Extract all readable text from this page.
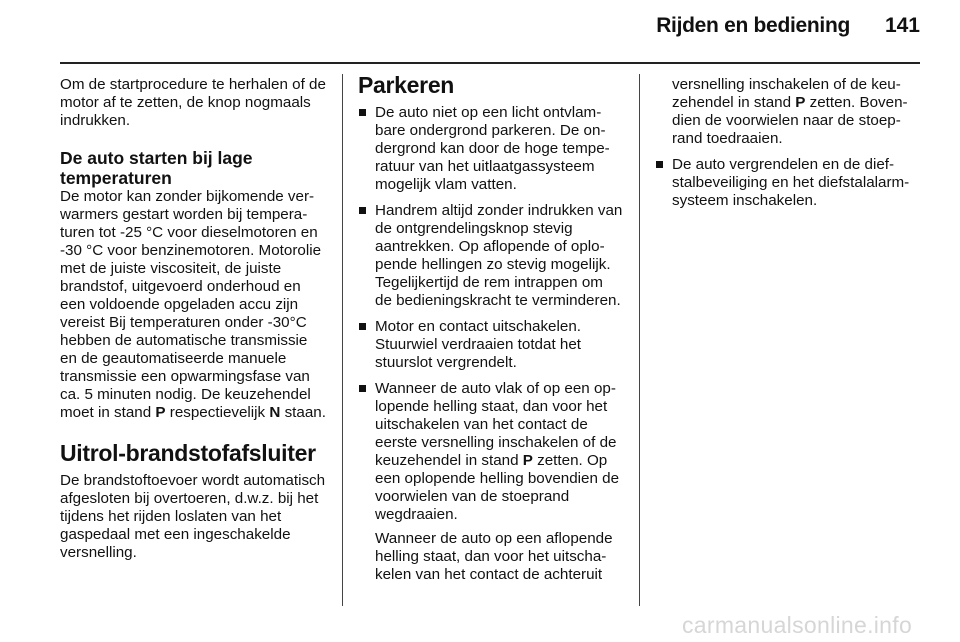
Rijden en bediening	141

Om de startprocedure te herhalen of de motor af te zetten, de knop nogmaals indrukken.

De auto starten bij lage temperaturen

De motor kan zonder bijkomende verwarmers gestart worden bij temperaturen tot -25 °C voor dieselmotoren en -30 °C voor benzinemotoren. Motorolie met de juiste viscositeit, de juiste brandstof, uitgevoerd onderhoud en een voldoende opgeladen accu zijn vereist Bij temperaturen onder -30°C hebben de automatische transmissie en de geautomatiseerde manuele transmissie een opwarmingsfase van ca. 5 minuten nodig. De keuzehendel moet in stand P respectievelijk N staan.

Uitrol-brandstofafsluiter

De brandstoftoevoer wordt automatisch afgesloten bij overtoeren, d.w.z. bij het tijdens het rijden loslaten van het gaspedaal met een ingeschakelde versnelling.

Parkeren
De auto niet op een licht ontvlambare ondergrond parkeren. De ondergrond kan door de hoge temperatuur van het uitlaatgassysteem mogelijk vlam vatten.
Handrem altijd zonder indrukken van de ontgrendelingsknop stevig aantrekken. Op aflopende of oplopende hellingen zo stevig mogelijk. Tegelijkertijd de rem intrappen om de bedieningskracht te verminderen.
Motor en contact uitschakelen. Stuurwiel verdraaien totdat het stuurslot vergrendelt.
Wanneer de auto vlak of op een oplopende helling staat, dan voor het uitschakelen van het contact de eerste versnelling inschakelen of de keuzehendel in stand P zetten. Op een oplopende helling bovendien de voorwielen van de stoeprand wegdraaien.

Wanneer de auto op een aflopende helling staat, dan voor het uitschakelen van het contact de achteruit

versnelling inschakelen of de keuzehendel in stand P zetten. Bovendien de voorwielen naar de stoeprand toedraaien.

De auto vergrendelen en de diefstalbeveiliging en het diefstalalarmsysteem inschakelen.
carmanualsonline.info
